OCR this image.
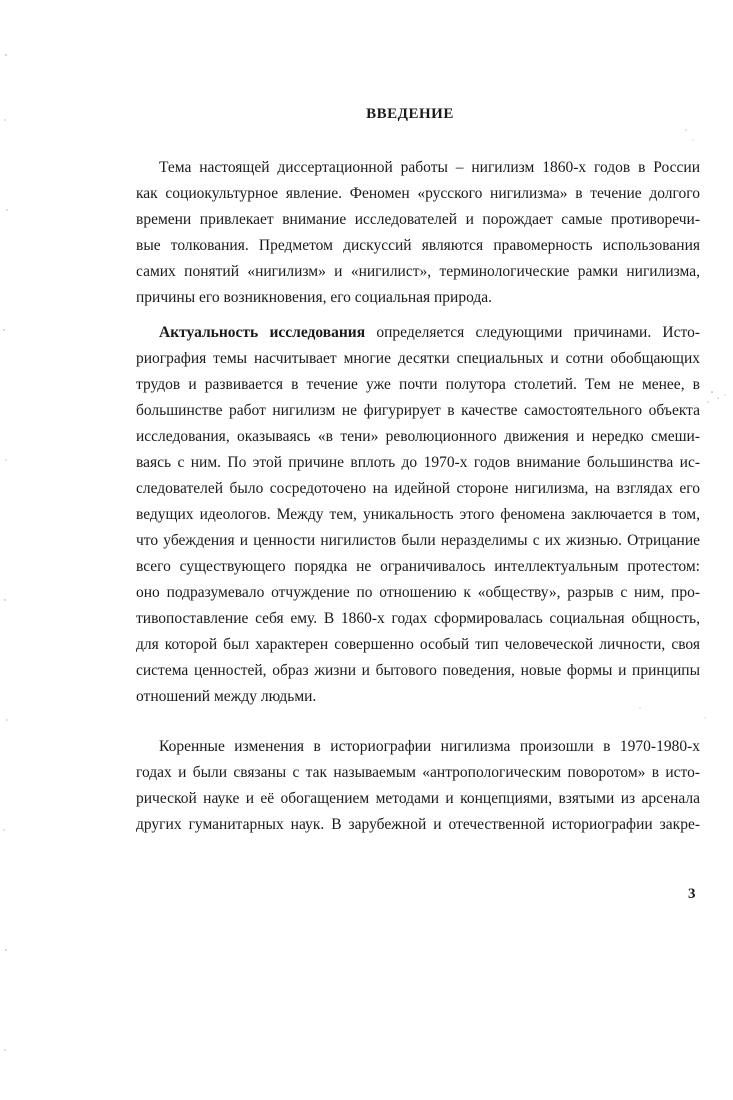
ВВЕДЕНИЕ
Тема настоящей диссертационной работы – нигилизм 1860-х годов в России
как социокультурное явление. Феномен «русского нигилизма» в течение долгого
времени привлекает внимание исследователей и порождает самые противоречи-
вые толкования. Предметом дискуссий являются правомерность использования
самих понятий «нигилизм» и «нигилист», терминологические рамки нигилизма,
причины его возникновения, его социальная природа.
Актуальность исследования определяется следующими причинами. Исто-
риография темы насчитывает многие десятки специальных и сотни обобщающих
трудов и развивается в течение уже почти полутора столетий. Тем не менее, в
большинстве работ нигилизм не фигурирует в качестве самостоятельного объекта
исследования, оказываясь «в тени» революционного движения и нередко смеши-
ваясь с ним. По этой причине вплоть до 1970-х годов внимание большинства ис-
следователей было сосредоточено на идейной стороне нигилизма, на взглядах его
ведущих идеологов. Между тем, уникальность этого феномена заключается в том,
что убеждения и ценности нигилистов были неразделимы с их жизнью. Отрицание
всего существующего порядка не ограничивалось интеллектуальным протестом:
оно подразумевало отчуждение по отношению к «обществу», разрыв с ним, про-
тивопоставление себя ему. В 1860-х годах сформировалась социальная общность,
для которой был характерен совершенно особый тип человеческой личности, своя
система ценностей, образ жизни и бытового поведения, новые формы и принципы
отношений между людьми.
Коренные изменения в историографии нигилизма произошли в 1970-1980-х
годах и были связаны с так называемым «антропологическим поворотом» в исто-
рической науке и её обогащением методами и концепциями, взятыми из арсенала
других гуманитарных наук. В зарубежной и отечественной историографии закре-
3
